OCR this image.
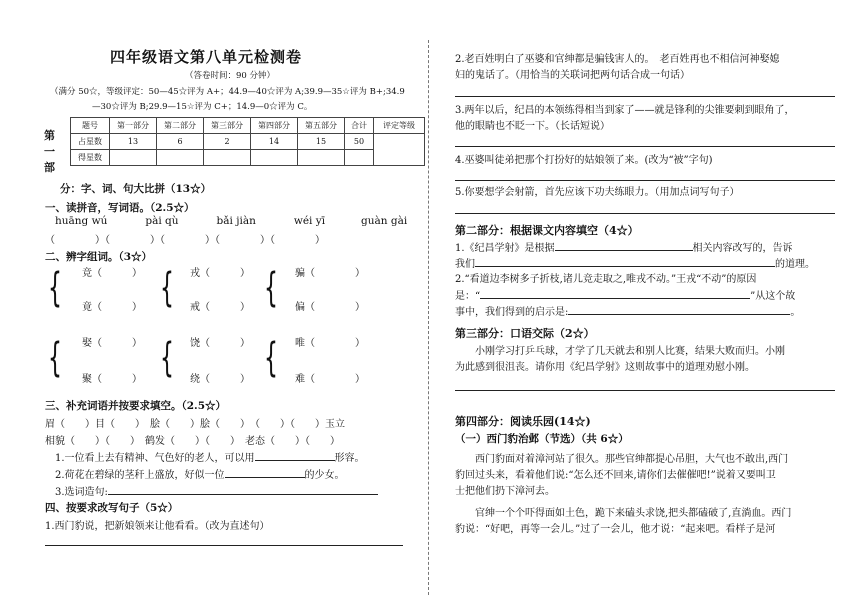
四年级语文第八单元检测卷
（答卷时间：90 分钟）
（满分 50☆，等级评定：50—45☆评为 A+；44.9—40☆评为 A;39.9—35☆评为 B+;34.9
—30☆评为 B;29.9—15☆评为 C+；14.9—0☆评为 C。
第一部
题号	第一部分	第二部分	第三部分	第四部分	第五部分	合计	评定等级
占星数	13	6	2	14	15	50	
得星数							
分：字、词、句大比拼（13☆）
一、读拼音，写词语。（2.5☆）
huāng wú	pài qù	bǎi jiàn	wéi yī	guàn gài
（　　　　）（　　　　）（　　　　）（　　　　）（　　　　）
二、辨字组词。（3☆）
{ 竞（　　　）
竟（　　　） { 戎（　　　）
戒（　　　） { 骗（　　　　）
偏（　　　　）
{ 娶（　　　）
聚（　　　） { 饶（　　　）
绕（　　　） { 唯（　　　　）
难（　　　　）
三、补充词语并按要求填空。（2.5☆）
眉（　　）目（　　）　 脍（　　）脍（　　）　 （　　）（　　）玉立
相貌（　　）（　　）　 鹤发（　　）（　　）　 老态（　　）（　　）
1.一位看上去有精神、气色好的老人，可以用	形容。
2.荷花在碧绿的茎秆上盛放，好似一位	的少女。
3.选词造句:
四、按要求改写句子（5☆）
1.西门豹说，把新娘领来让他看看。（改为直述句）
2.老百姓明白了巫婆和官绅都是骗钱害人的。　老百姓再也不相信河神娶媳
妇的鬼话了。（用恰当的关联词把两句话合成一句话）
3.两年以后，纪昌的本领练得相当到家了——就是锋利的尖锥要刺到眼角了，
他的眼睛也不眨一下。（长话短说）
4.巫婆叫徒弟把那个打扮好的姑娘领了来。(改为“被”字句)
5.你要想学会射箭，首先应该下功夫练眼力。（用加点词写句子）
第二部分：根据课文内容填空（4☆）
1.《纪昌学射》是根据	相关内容改写的，告诉
我们	的道理。
2.“看道边李树多子折枝,诸儿竞走取之,唯戎不动。”王戎“不动”的原因
是：“	”从这个故
事中，我们得到的启示是:	。
第三部分：口语交际（2☆）
小刚学习打乒乓球，才学了几天就去和别人比赛，结果大败而归。小刚
为此感到很沮丧。请你用《纪昌学射》这则故事中的道理劝慰小刚。
第四部分：阅读乐园(14☆)
（一）西门豹治邺（节选）（共 6☆）
西门豹面对着漳河站了很久。那些官绅都提心吊胆，大气也不敢出,西门
豹回过头来，看着他们说:“怎么还不回来,请你们去催催吧!”说着又要叫卫
士把他们扔下漳河去。
官绅一个个吓得面如土色，跪下来磕头求饶,把头都磕破了,直淌血。西门
豹说：“好吧，再等一会儿。”过了一会儿，他才说：“起来吧。看样子是河
